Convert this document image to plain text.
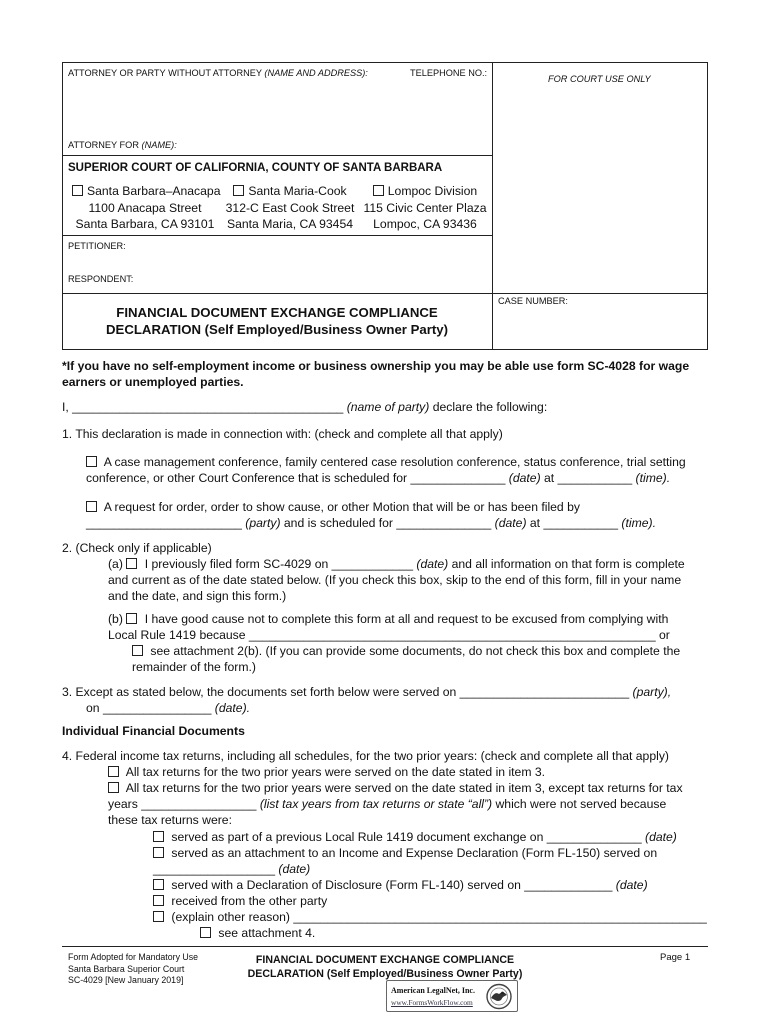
ATTORNEY OR PARTY WITHOUT ATTORNEY (NAME AND ADDRESS):	TELEPHONE NO.:
FOR COURT USE ONLY
ATTORNEY FOR (NAME):
SUPERIOR COURT OF CALIFORNIA, COUNTY OF SANTA BARBARA
Santa Barbara–Anacapa
1100 Anacapa Street
Santa Barbara, CA 93101
Santa Maria-Cook
312-C East Cook Street
Santa Maria, CA 93454
Lompoc Division
115 Civic Center Plaza
Lompoc, CA 93436
PETITIONER:
RESPONDENT:
CASE NUMBER:
FINANCIAL DOCUMENT EXCHANGE COMPLIANCE
DECLARATION (Self Employed/Business Owner Party)
*If you have no self-employment income or business ownership you may be able use form SC-4028 for wage
earners or unemployed parties.
I, ________________________________________ (name of party) declare the following:
1. This declaration is made in connection with: (check and complete all that apply)
A case management conference, family centered case resolution conference, status conference, trial setting
conference, or other Court Conference that is scheduled for ______________ (date) at ___________ (time).
A request for order, order to show cause, or other Motion that will be or has been filed by
_______________________ (party) and is scheduled for ______________ (date) at ___________ (time).
2. (Check only if applicable)
(a) I previously filed form SC-4029 on ____________ (date) and all information on that form is complete
and current as of the date stated below. (If you check this box, skip to the end of this form, fill in your name
and the date, and sign this form.)
(b) I have good cause not to complete this form at all and request to be excused from complying with
Local Rule 1419 because ____________________________________________________________ or
see attachment 2(b). (If you can provide some documents, do not check this box and complete the
remainder of the form.)
3. Except as stated below, the documents set forth below were served on _________________________ (party),
on ________________ (date).
Individual Financial Documents
4. Federal income tax returns, including all schedules, for the two prior years: (check and complete all that apply)
All tax returns for the two prior years were served on the date stated in item 3.
All tax returns for the two prior years were served on the date stated in item 3, except tax returns for tax
years _________________ (list tax years from tax returns or state “all”) which were not served because
these tax returns were:
served as part of a previous Local Rule 1419 document exchange on ______________ (date)
served as an attachment to an Income and Expense Declaration (Form FL-150) served on
__________________ (date)
served with a Declaration of Disclosure (Form FL-140) served on _____________ (date)
received from the other party
(explain other reason) _____________________________________________________________
see attachment 4.
Form Adopted for Mandatory Use
Santa Barbara Superior Court
SC-4029 [New January 2019]
FINANCIAL DOCUMENT EXCHANGE COMPLIANCE
DECLARATION (Self Employed/Business Owner Party)
Page 1
American LegalNet, Inc.
www.FormsWorkFlow.com
